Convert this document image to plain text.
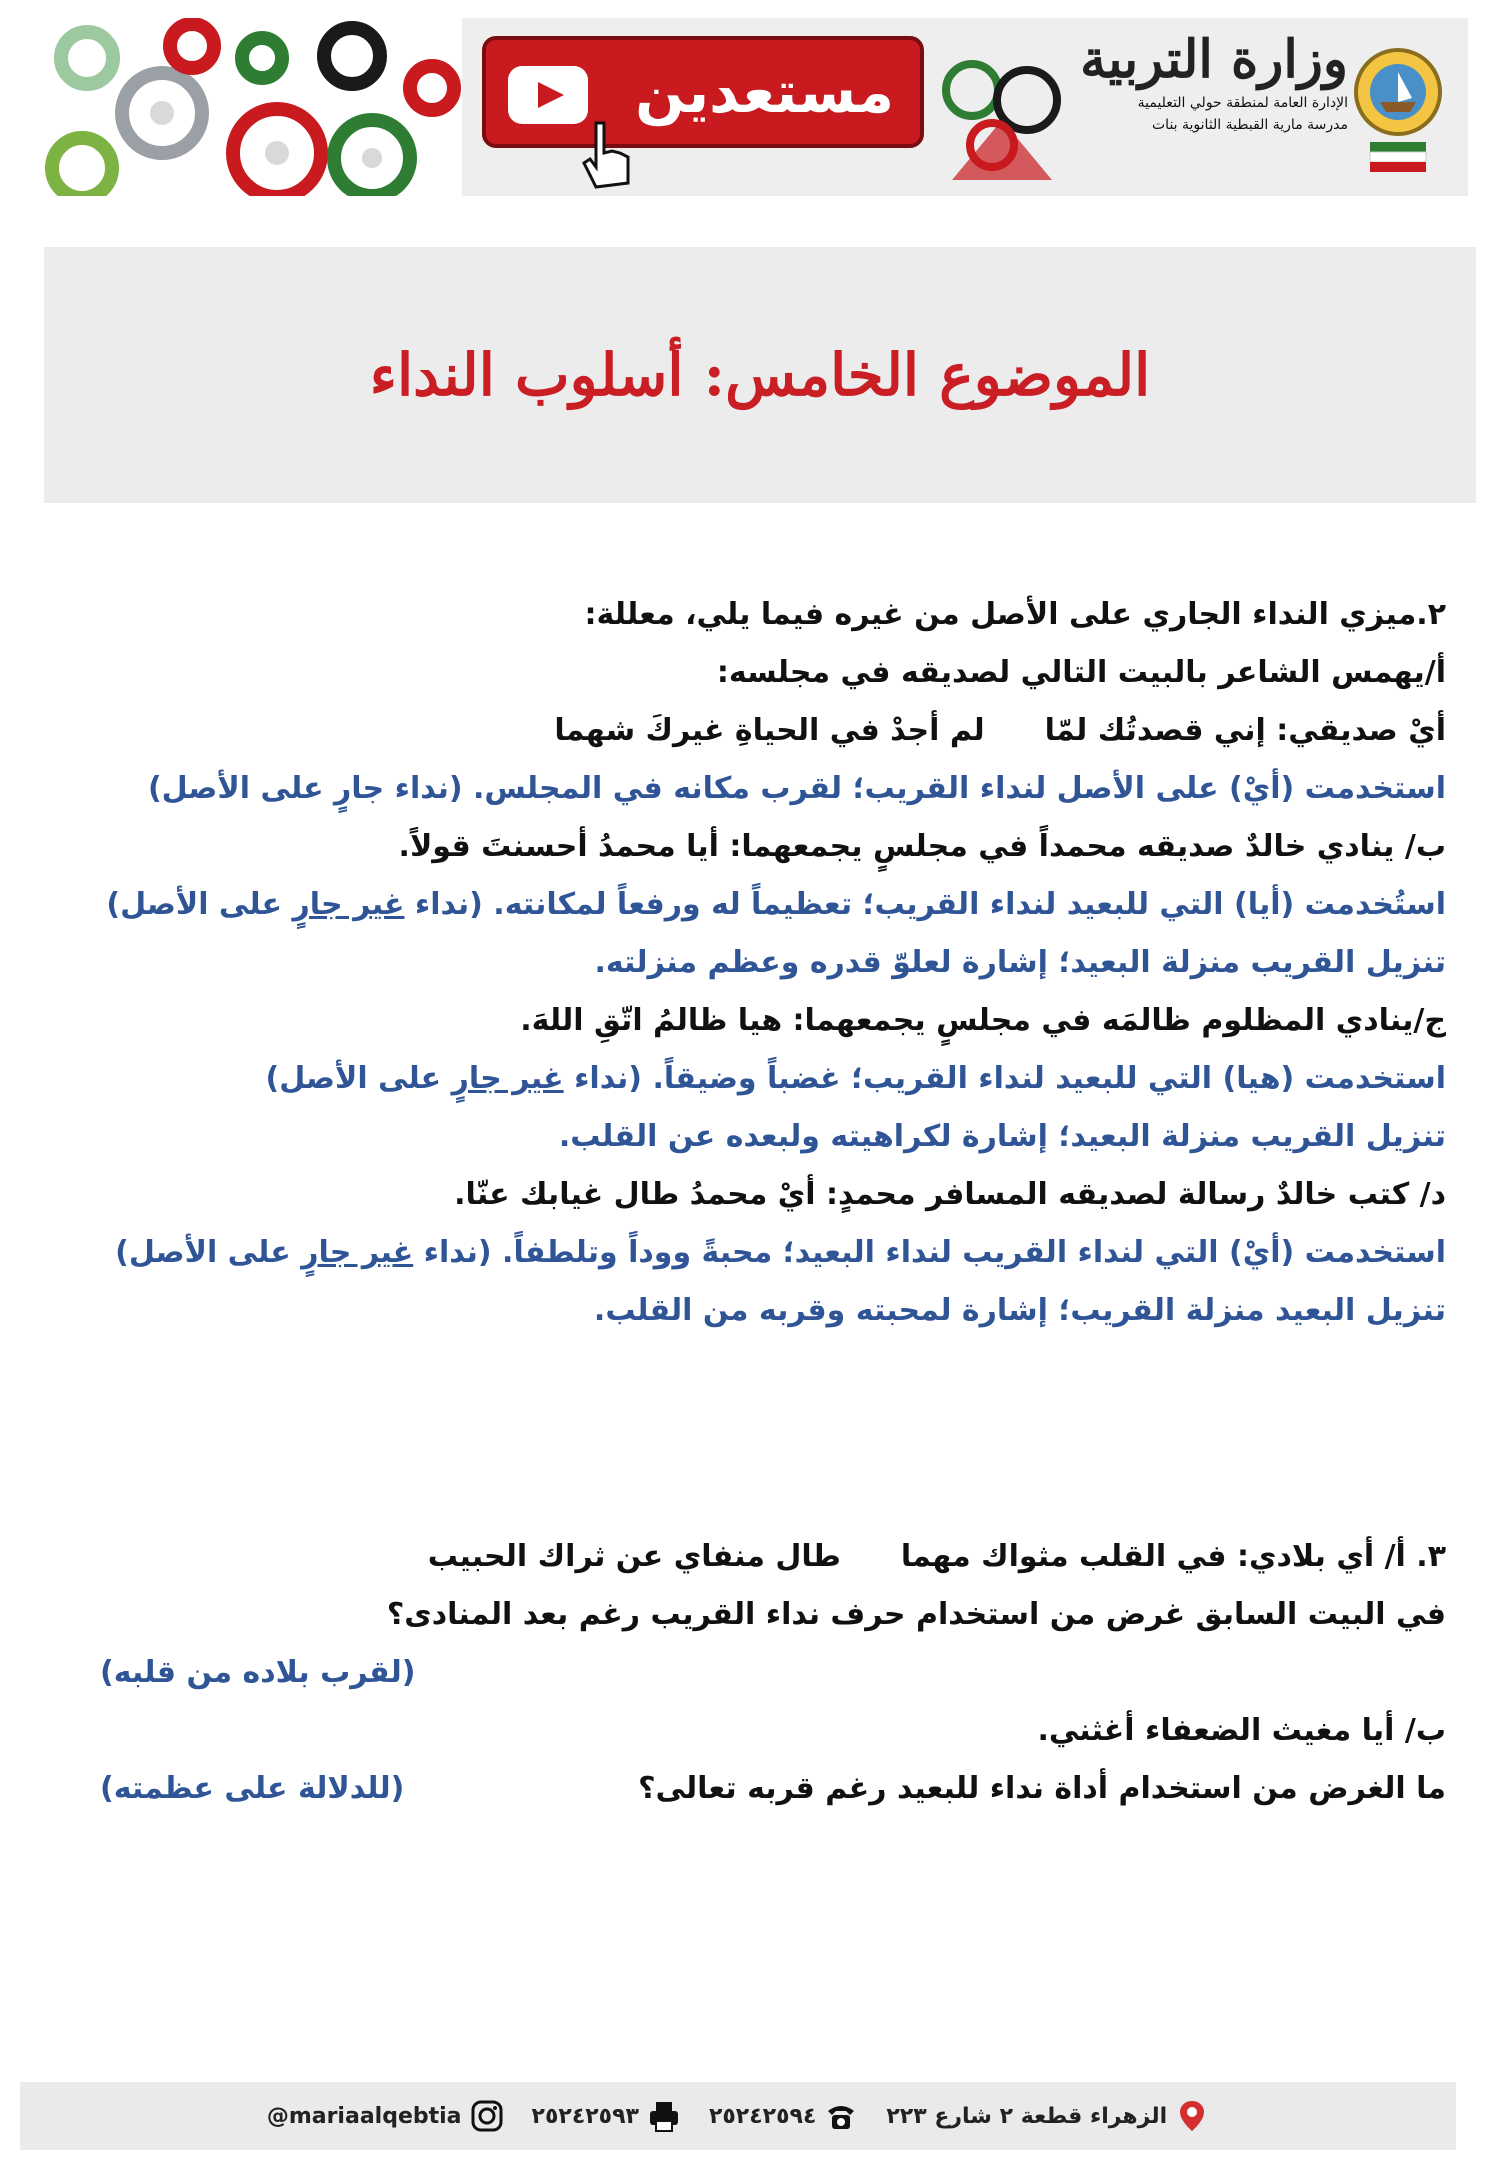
مستعدين	وزارة التربية
الإدارة العامة لمنطقة حولي التعليمية
مدرسة مارية القبطية الثانوية بنات
الموضوع الخامس: أسلوب النداء
٢.ميزي النداء الجاري على الأصل من غيره فيما يلي، معللة:
أ/يهمس الشاعر بالبيت التالي لصديقه في مجلسه:
أيْ صديقي: إني قصدتُك لمّا
لم أجدْ في الحياةِ غيركَ شهما
استخدمت (أيْ) على الأصل لنداء القريب؛ لقرب مكانه في المجلس. (نداء جارٍ على الأصل)
ب/ ينادي خالدٌ صديقه محمداً في مجلسٍ يجمعهما: أيا محمدُ أحسنتَ قولاً.
استُخدمت (أيا) التي للبعيد لنداء القريب؛ تعظيماً له ورفعاً لمكانته. (نداء غير جارٍ على الأصل)
تنزيل القريب منزلة البعيد؛ إشارة لعلوّ قدره وعظم منزلته.
ج/ينادي المظلوم ظالمَه في مجلسٍ يجمعهما: هيا ظالمُ اتّقِ اللهَ.
استخدمت (هيا) التي للبعيد لنداء القريب؛ غضباً وضيقاً. (نداء غير جارٍ على الأصل)
تنزيل القريب منزلة البعيد؛ إشارة لكراهيته ولبعده عن القلب.
د/ كتب خالدٌ رسالة لصديقه المسافر محمدٍ: أيْ محمدُ طال غيابك عنّا.
استخدمت (أيْ) التي لنداء القريب لنداء البعيد؛ محبةً ووداً وتلطفاً. (نداء غير جارٍ على الأصل)
تنزيل البعيد منزلة القريب؛ إشارة لمحبته وقربه من القلب.
٣. أ/ أي بلادي: في القلب مثواك مهما
طال منفاي عن ثراك الحبيب
في البيت السابق غرض من استخدام حرف نداء القريب رغم بعد المنادى؟
(لقرب بلاده من قلبه)
ب/ أيا مغيث الضعفاء أغثني.
ما الغرض من استخدام أداة نداء للبعيد رغم قربه تعالى؟
(للدلالة على عظمته)
@mariaalqebtia	٢٥٢٤٢٥٩٣	٢٥٢٤٢٥٩٤	الزهراء قطعة ٢ شارع ٢٢٣
